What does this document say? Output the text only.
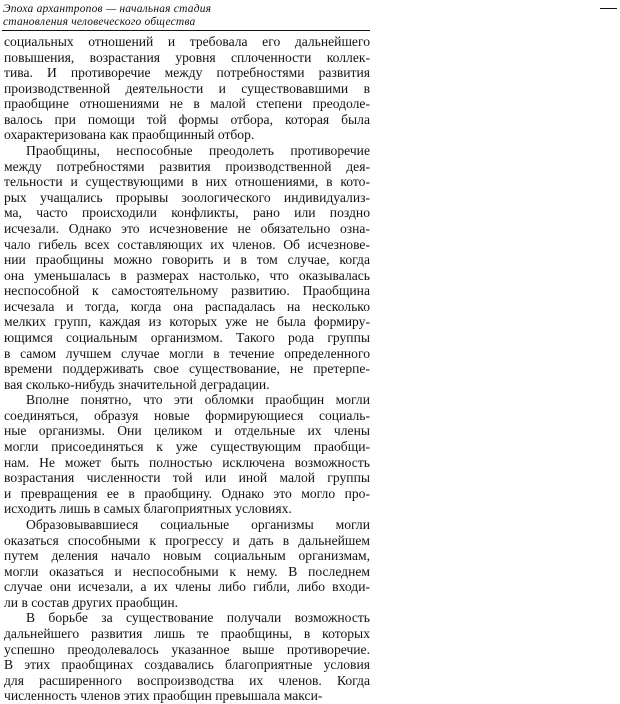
Эпоха архантропов — начальная стадия
становления человеческого общества
социальных отношений и требовала его дальнейшего
повышения, возрастания уровня сплоченности коллек-
тива. И противоречие между потребностями развития
производственной деятельности и существовавшими в
праобщине отношениями не в малой степени преодоле-
валось при помощи той формы отбора, которая была
охарактеризована как праобщинный отбор.
Праобщины, неспособные преодолеть противоречие
между потребностями развития производственной дея-
тельности и существующими в них отношениями, в кото-
рых учащались прорывы зоологического индивидуализ-
ма, часто происходили конфликты, рано или поздно
исчезали. Однако это исчезновение не обязательно озна-
чало гибель всех составляющих их членов. Об исчезнове-
нии праобщины можно говорить и в том случае, когда
она уменьшалась в размерах настолько, что оказывалась
неспособной к самостоятельному развитию. Праобщина
исчезала и тогда, когда она распадалась на несколько
мелких групп, каждая из которых уже не была формиру-
ющимся социальным организмом. Такого рода группы
в самом лучшем случае могли в течение определенного
времени поддерживать свое существование, не претерпе-
вая сколько-нибудь значительной деградации.
Вполне понятно, что эти обломки праобщин могли
соединяться, образуя новые формирующиеся социаль-
ные организмы. Они целиком и отдельные их члены
могли присоединяться к уже существующим праобщи-
нам. Не может быть полностью исключена возможность
возрастания численности той или иной малой группы
и превращения ее в праобщину. Однако это могло про-
исходить лишь в самых благоприятных условиях.
Образовывавшиеся социальные организмы могли
оказаться способными к прогрессу и дать в дальнейшем
путем деления начало новым социальным организмам,
могли оказаться и неспособными к нему. В последнем
случае они исчезали, а их члены либо гибли, либо входи-
ли в состав других праобщин.
В борьбе за существование получали возможность
дальнейшего развития лишь те праобщины, в которых
успешно преодолевалось указанное выше противоречие.
В этих праобщинах создавались благоприятные условия
для расширенного воспроизводства их членов. Когда
численность членов этих праобщин превышала макси-
